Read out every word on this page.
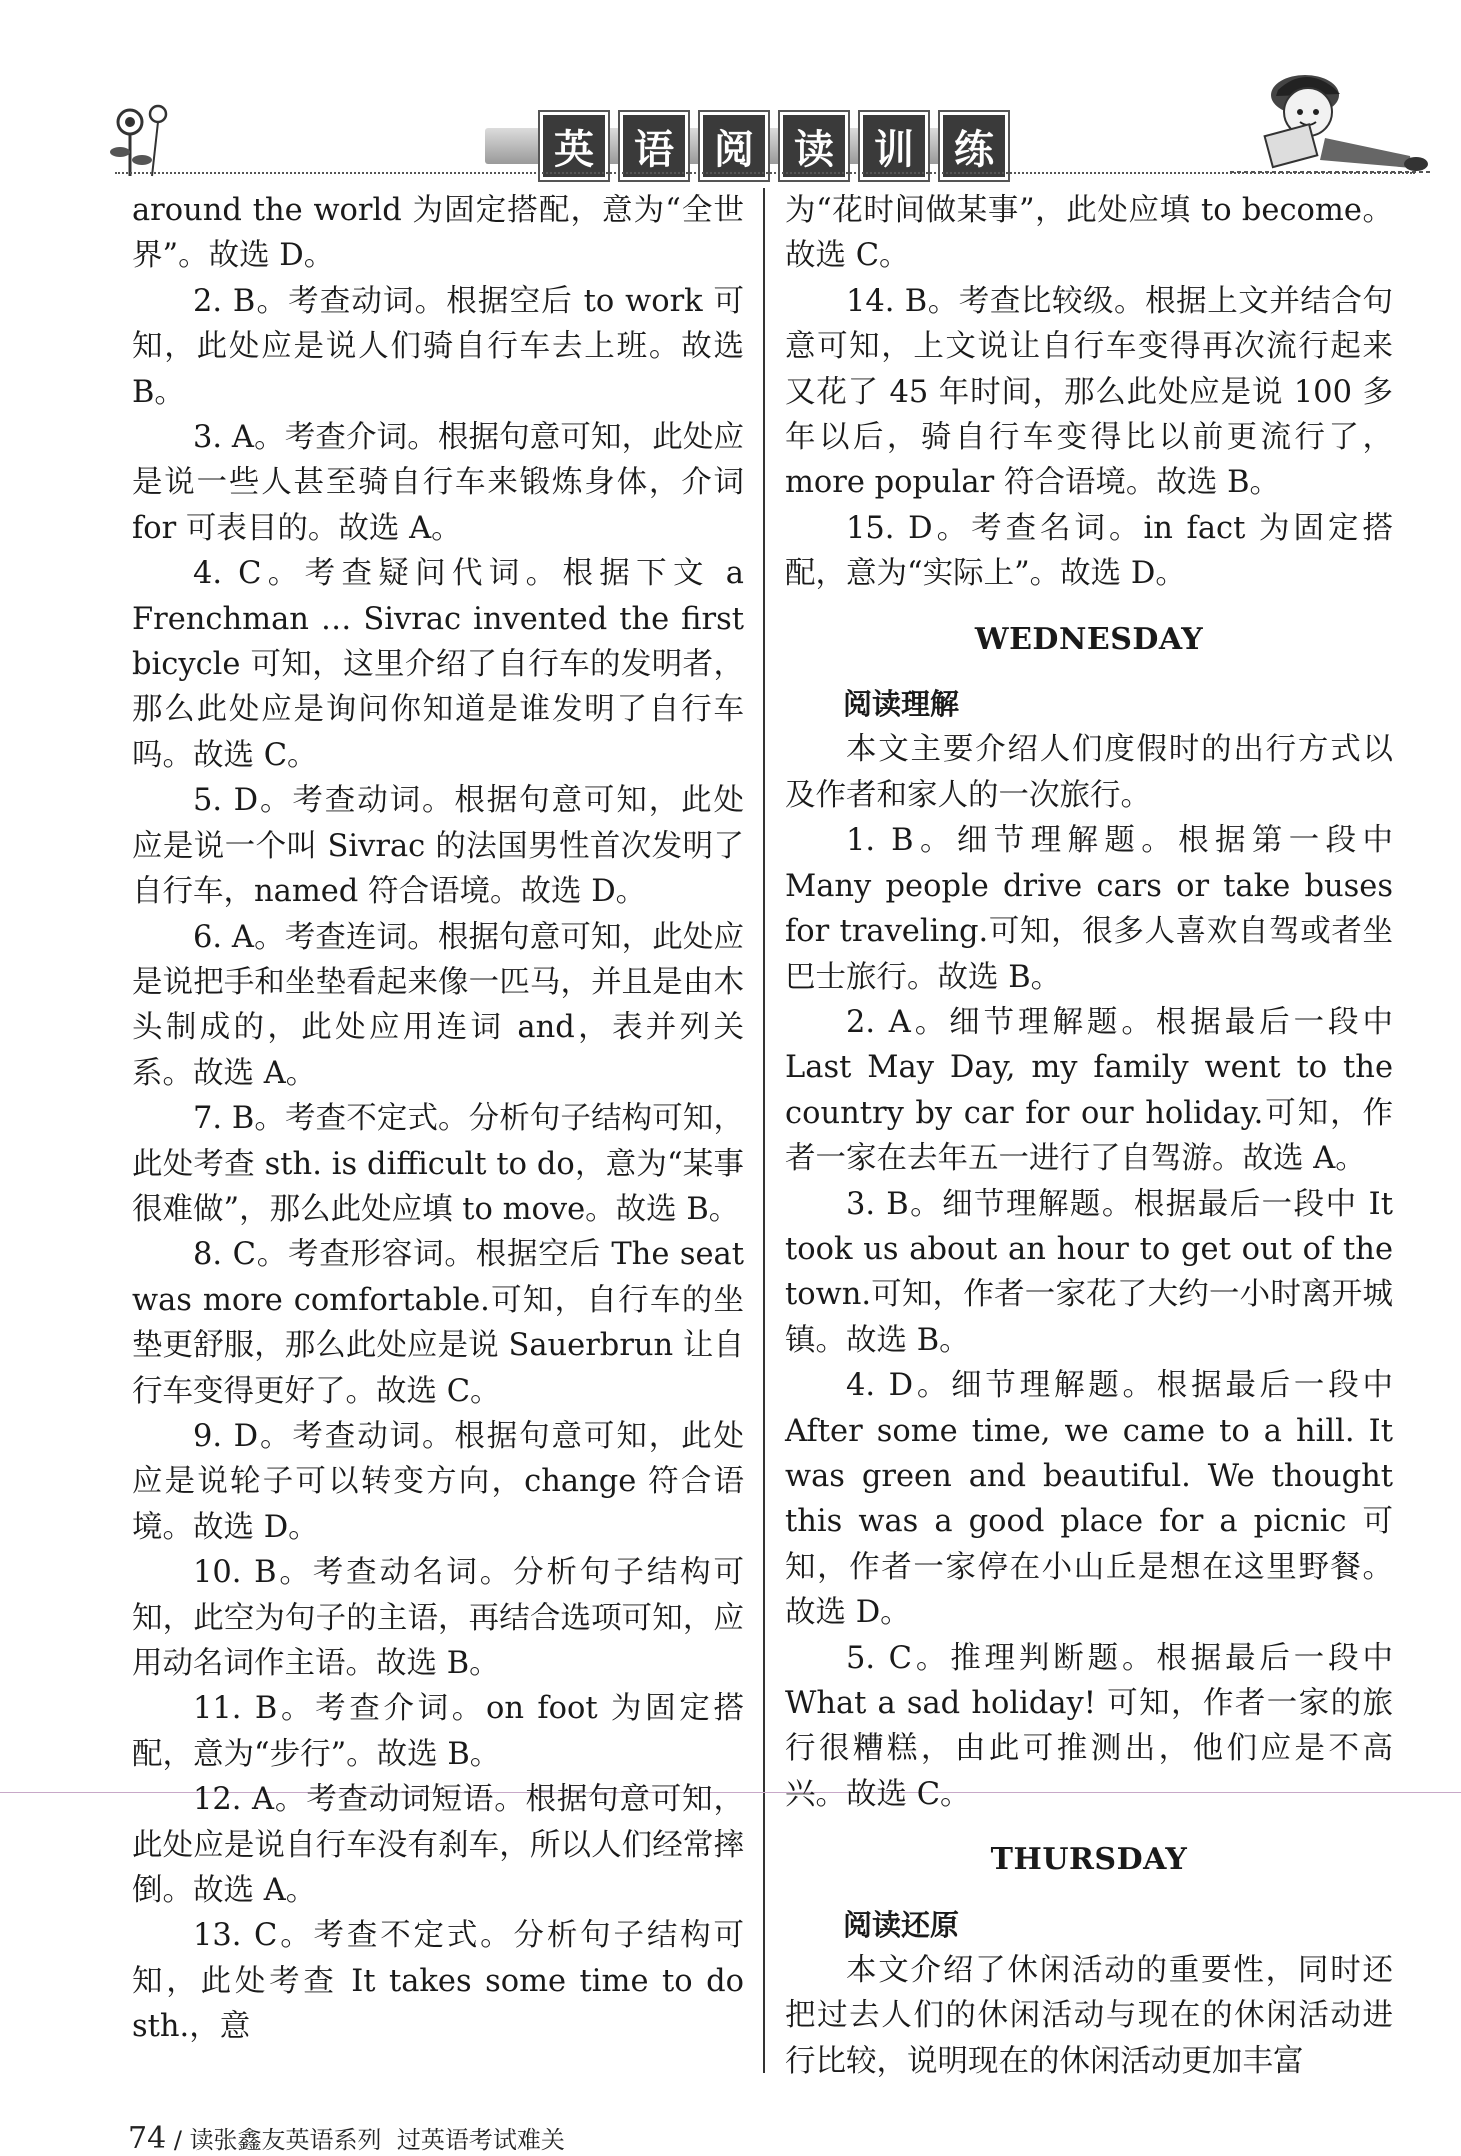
英	语	阅	读	训	练

around the world 为固定搭配，意为“全世界”。故选 D。

2. B。考查动词。根据空后 to work 可知，此处应是说人们骑自行车去上班。故选 B。

3. A。考查介词。根据句意可知，此处应是说一些人甚至骑自行车来锻炼身体，介词 for 可表目的。故选 A。

4. C。考查疑问代词。根据下文 a Frenchman … Sivrac invented the first bicycle 可知，这里介绍了自行车的发明者，那么此处应是询问你知道是谁发明了自行车吗。故选 C。

5. D。考查动词。根据句意可知，此处应是说一个叫 Sivrac 的法国男性首次发明了自行车，named 符合语境。故选 D。

6. A。考查连词。根据句意可知，此处应是说把手和坐垫看起来像一匹马，并且是由木头制成的，此处应用连词 and，表并列关系。故选 A。

7. B。考查不定式。分析句子结构可知，此处考查 sth. is difficult to do，意为“某事很难做”，那么此处应填 to move。故选 B。

8. C。考查形容词。根据空后 The seat was more comfortable.可知，自行车的坐垫更舒服，那么此处应是说 Sauerbrun 让自行车变得更好了。故选 C。

9. D。考查动词。根据句意可知，此处应是说轮子可以转变方向，change 符合语境。故选 D。

10. B。考查动名词。分析句子结构可知，此空为句子的主语，再结合选项可知，应用动名词作主语。故选 B。

11. B。考查介词。on foot 为固定搭配，意为“步行”。故选 B。

12. A。考查动词短语。根据句意可知，此处应是说自行车没有刹车，所以人们经常摔倒。故选 A。

13. C。考查不定式。分析句子结构可知，此处考查 It takes some time to do sth.，意

为“花时间做某事”，此处应填 to become。故选 C。

14. B。考查比较级。根据上文并结合句意可知，上文说让自行车变得再次流行起来又花了 45 年时间，那么此处应是说 100 多年以后，骑自行车变得比以前更流行了，more popular 符合语境。故选 B。

15. D。考查名词。in fact 为固定搭配，意为“实际上”。故选 D。

WEDNESDAY
阅读理解

本文主要介绍人们度假时的出行方式以及作者和家人的一次旅行。

1. B。细节理解题。根据第一段中 Many people drive cars or take buses for traveling.可知，很多人喜欢自驾或者坐巴士旅行。故选 B。

2. A。细节理解题。根据最后一段中 Last May Day, my family went to the country by car for our holiday.可知，作者一家在去年五一进行了自驾游。故选 A。

3. B。细节理解题。根据最后一段中 It took us about an hour to get out of the town.可知，作者一家花了大约一小时离开城镇。故选 B。

4. D。细节理解题。根据最后一段中 After some time, we came to a hill. It was green and beautiful. We thought this was a good place for a picnic 可知，作者一家停在小山丘是想在这里野餐。故选 D。

5. C。推理判断题。根据最后一段中 What a sad holiday! 可知，作者一家的旅行很糟糕，由此可推测出，他们应是不高兴。故选 C。

THURSDAY
阅读还原

本文介绍了休闲活动的重要性，同时还把过去人们的休闲活动与现在的休闲活动进行比较，说明现在的休闲活动更加丰富

74 / 读张鑫友英语系列 过英语考试难关
